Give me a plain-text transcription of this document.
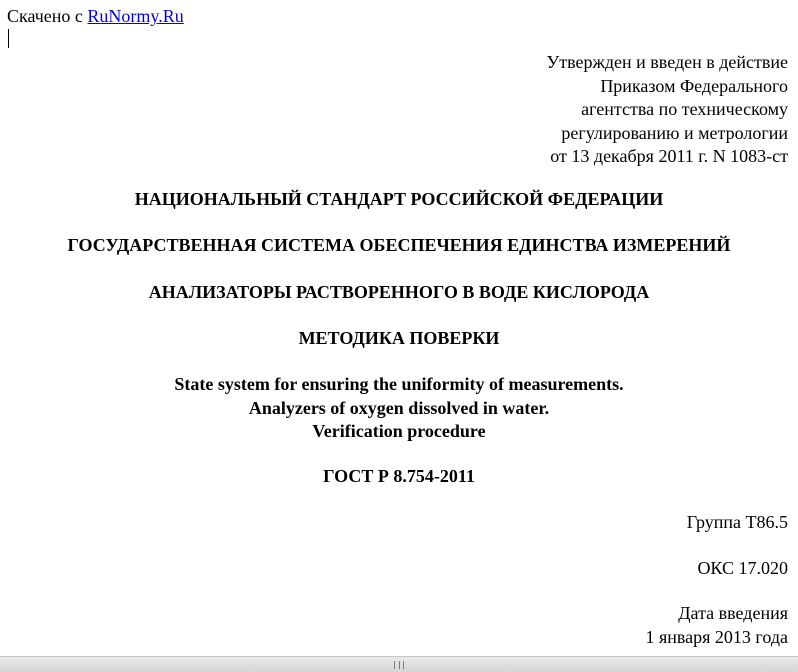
Скачено с RuNormy.Ru
Утвержден и введен в действие
Приказом Федерального
агентства по техническому
регулированию и метрологии
от 13 декабря 2011 г. N 1083-ст
НАЦИОНАЛЬНЫЙ СТАНДАРТ РОССИЙСКОЙ ФЕДЕРАЦИИ
ГОСУДАРСТВЕННАЯ СИСТЕМА ОБЕСПЕЧЕНИЯ ЕДИНСТВА ИЗМЕРЕНИЙ
АНАЛИЗАТОРЫ РАСТВОРЕННОГО В ВОДЕ КИСЛОРОДА
МЕТОДИКА ПОВЕРКИ
State system for ensuring the uniformity of measurements.
Analyzers of oxygen dissolved in water.
Verification procedure
ГОСТ Р 8.754-2011
Группа Т86.5
ОКС 17.020
Дата введения
1 января 2013 года
